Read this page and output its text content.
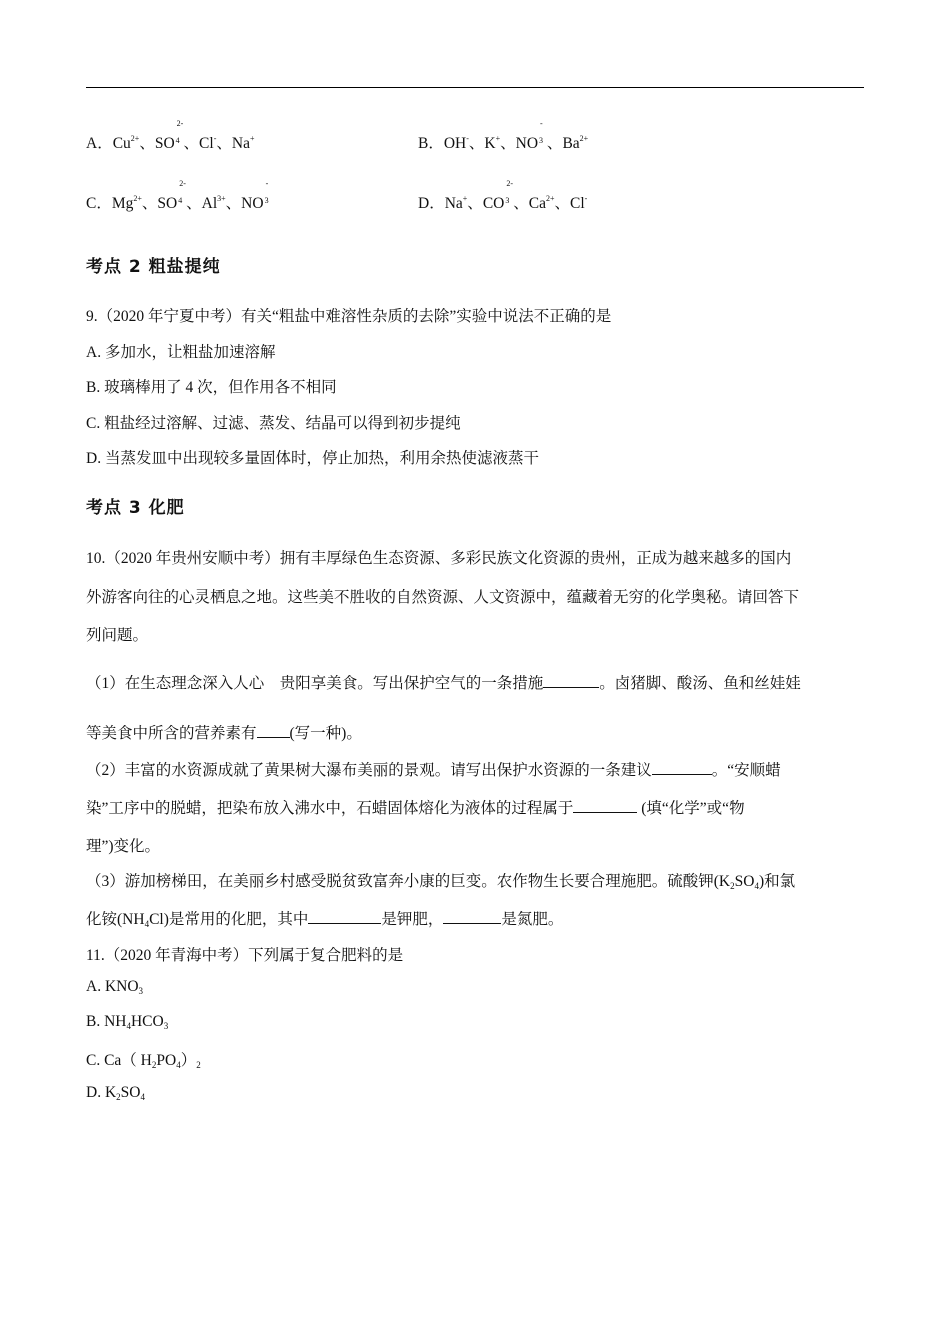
A．$Cu^{2+}$、SO
2-
$^4$ 、Cl-、Na+	B．OH-、K+、NO
-
$^3$ 、$Ba^{2+}$
C．$Mg^{2+}$、SO
2-
$^4$ 、$Al^{3+}$、NO
-
$^3$	D．Na+、CO
2-
$^3$ 、$Ca^{2+}$、Cl-
考点 2 粗盐提纯
9.（2020 年宁夏中考）有关“粗盐中难溶性杂质的去除”实验中说法不正确的是
A. 多加水，让粗盐加速溶解
B. 玻璃棒用了 4 次，但作用各不相同
C. 粗盐经过溶解、过滤、蒸发、结晶可以得到初步提纯
D. 当蒸发皿中出现较多量固体时，停止加热，利用余热使滤液蒸干
考点 3 化肥
10.（2020 年贵州安顺中考）拥有丰厚绿色生态资源、多彩民族文化资源的贵州，正成为越来越多的国内
外游客向往的心灵栖息之地。这些美不胜收的自然资源、人文资源中，蕴藏着无穷的化学奥秘。请回答下
列问题。
（1）在生态理念深入人心　贵阳享美食。写出保护空气的一条措施	。卤猪脚、酸汤、鱼和丝娃娃
等美食中所含的营养素有 (写一种)。
（2）丰富的水资源成就了黄果树大瀑布美丽的景观。请写出保护水资源的一条建议	。“安顺蜡
染”工序中的脱蜡，把染布放入沸水中，石蜡固体熔化为液体的过程属于	(填“化学”或“物
理”)变化。
（3）游加榜梯田，在美丽乡村感受脱贫致富奔小康的巨变。农作物生长要合理施肥。硫酸钾(K2SO4)和氯
化铵(NH4Cl)是常用的化肥，其中	是钾肥，	是氮肥。
11.（2020 年青海中考）下列属于复合肥料的是
A. KNO3
B. NH4HCO3
C. Ca（ H2PO4）2
D. K2SO4
